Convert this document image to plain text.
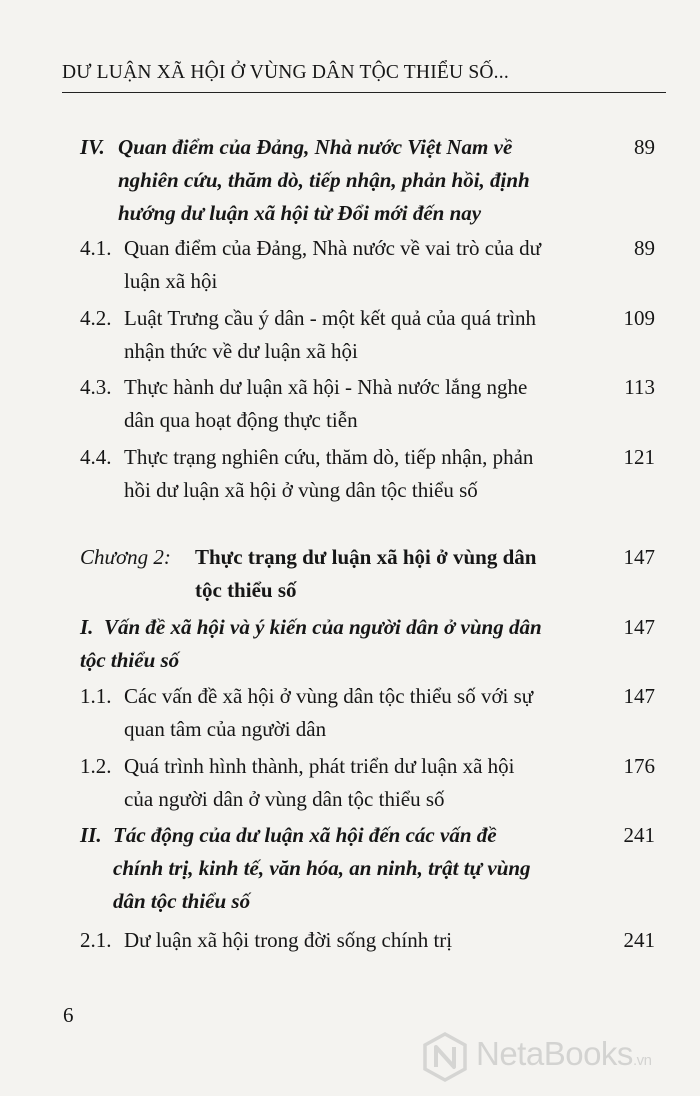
DƯ LUẬN XÃ HỘI Ở VÙNG DÂN TỘC THIỂU SỐ...
IV. Quan điểm của Đảng, Nhà nước Việt Nam về
nghiên cứu, thăm dò, tiếp nhận, phản hồi, định
hướng dư luận xã hội từ Đổi mới đến nay
89
4.1. Quan điểm của Đảng, Nhà nước về vai trò của dư
luận xã hội
89
4.2. Luật Trưng cầu ý dân - một kết quả của quá trình
nhận thức về dư luận xã hội
109
4.3. Thực hành dư luận xã hội - Nhà nước lắng nghe
dân qua hoạt động thực tiễn
113
4.4. Thực trạng nghiên cứu, thăm dò, tiếp nhận, phản
hồi dư luận xã hội ở vùng dân tộc thiểu số
121
Chương 2: Thực trạng dư luận xã hội ở vùng dân
tộc thiểu số
147
I. Vấn đề xã hội và ý kiến của người dân ở vùng dân
tộc thiểu số
147
1.1. Các vấn đề xã hội ở vùng dân tộc thiểu số với sự
quan tâm của người dân
147
1.2. Quá trình hình thành, phát triển dư luận xã hội
của người dân ở vùng dân tộc thiểu số
176
II. Tác động của dư luận xã hội đến các vấn đề
chính trị, kinh tế, văn hóa, an ninh, trật tự vùng
dân tộc thiểu số
241
2.1. Dư luận xã hội trong đời sống chính trị	241
6
NetaBooks.vn
